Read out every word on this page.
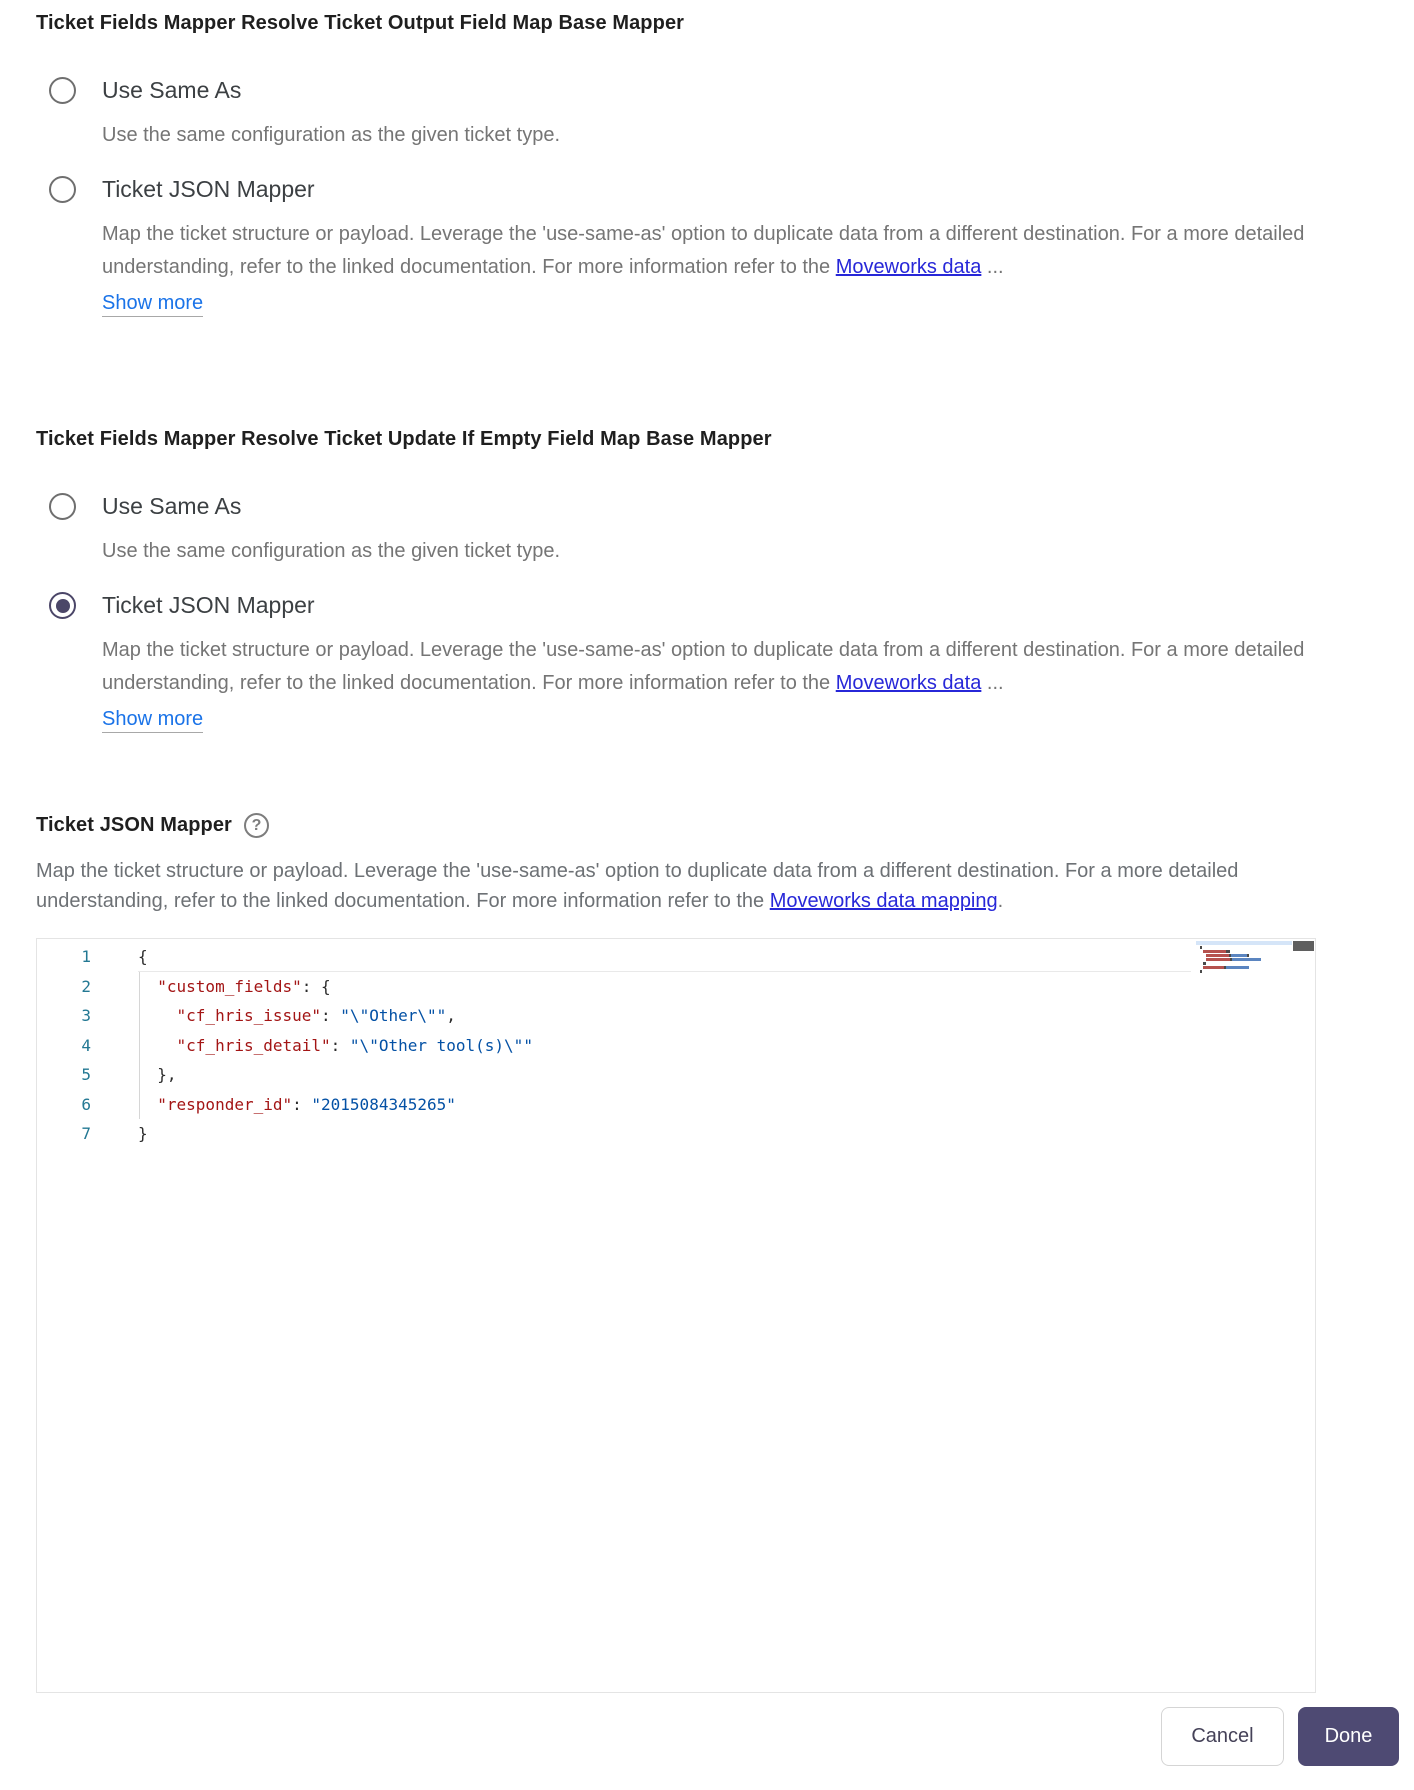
Ticket Fields Mapper Resolve Ticket Output Field Map Base Mapper
Use Same As
Use the same configuration as the given ticket type.
Ticket JSON Mapper
Map the ticket structure or payload. Leverage the 'use-same-as' option to duplicate data from a different destination. For a more detailed understanding, refer to the linked documentation. For more information refer to the Moveworks data ...
Show more
Ticket Fields Mapper Resolve Ticket Update If Empty Field Map Base Mapper
Use Same As
Use the same configuration as the given ticket type.
Ticket JSON Mapper
Map the ticket structure or payload. Leverage the 'use-same-as' option to duplicate data from a different destination. For a more detailed understanding, refer to the linked documentation. For more information refer to the Moveworks data ...
Show more
Ticket JSON Mapper	?
Map the ticket structure or payload. Leverage the 'use-same-as' option to duplicate data from a different destination. For a more detailed understanding, refer to the linked documentation. For more information refer to the Moveworks data mapping.
1
2
3
4
5
6
7
{
"custom_fields": {
"cf_hris_issue": "\"Other\"",
"cf_hris_detail": "\"Other tool(s)\""
},
"responder_id": "2015084345265"
}
Cancel	Done
